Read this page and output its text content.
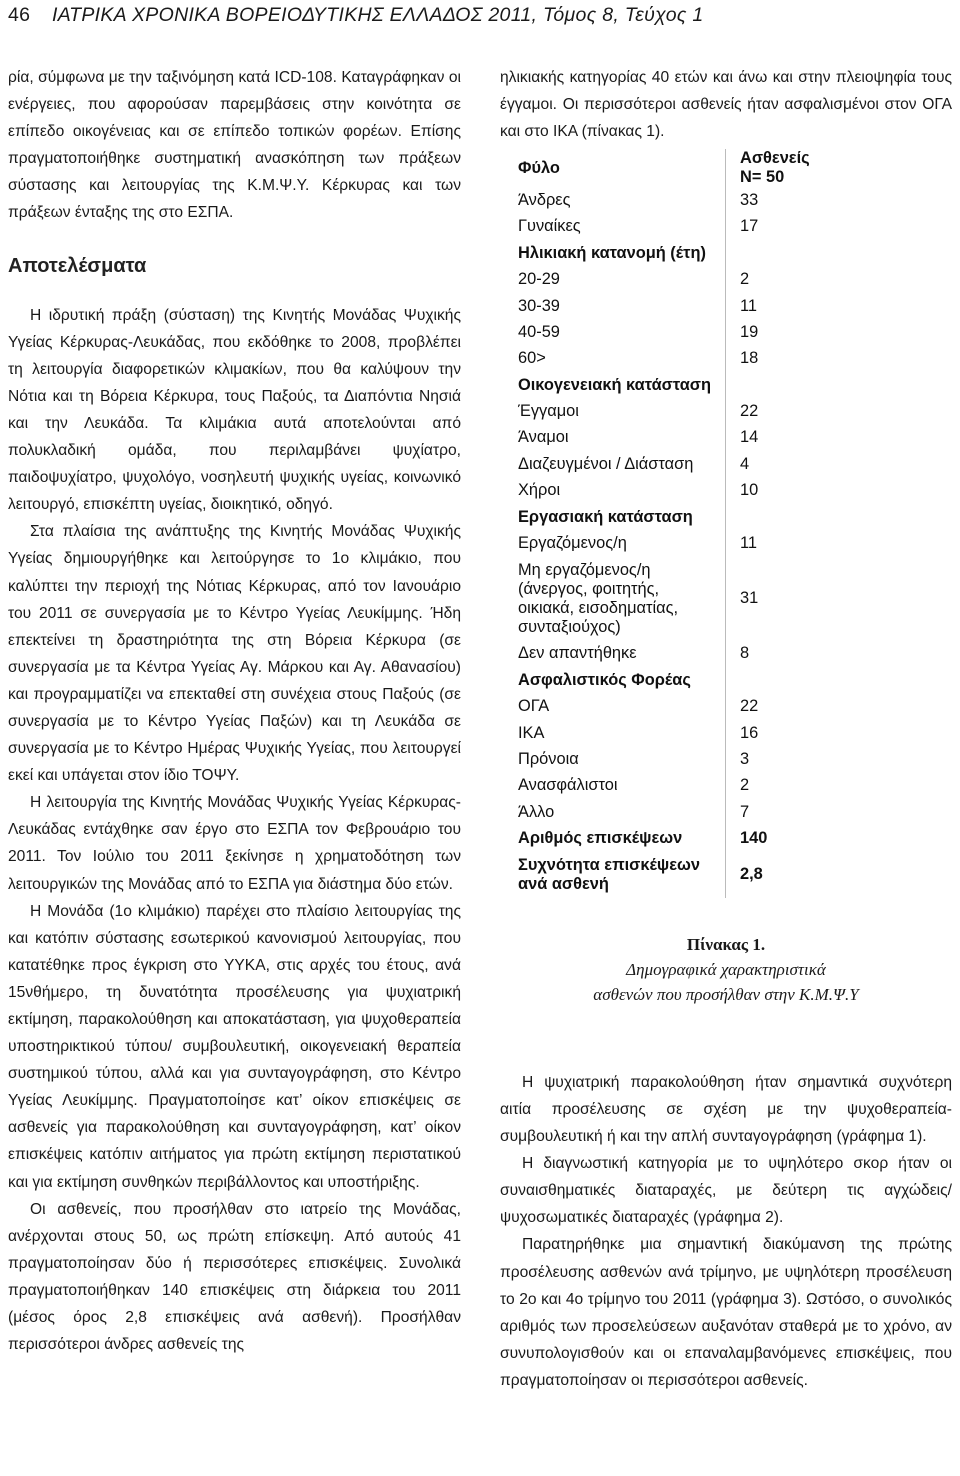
46 ΙΑΤΡΙΚΑ ΧΡΟΝΙΚΑ ΒΟΡΕΙΟΔΥΤΙΚΗΣ ΕΛΛΑΔΟΣ 2011, Τόμος 8, Τεύχος 1

ρία, σύμφωνα με την ταξινόμηση κατά ICD-108. Καταγράφηκαν οι ενέργειες, που αφορούσαν παρεμβάσεις στην κοινότητα σε επίπεδο οικογένειας και σε επίπεδο τοπικών φορέων. Επίσης πραγματοποιήθηκε συστηματική ανασκόπηση των πράξεων σύστασης και λειτουργίας της Κ.Μ.Ψ.Υ. Κέρκυρας και των πράξεων ένταξης της στο ΕΣΠΑ.

Αποτελέσματα

Η ιδρυτική πράξη (σύσταση) της Κινητής Μονάδας Ψυχικής Υγείας Κέρκυρας-Λευκάδας, που εκδόθηκε το 2008, προβλέπει τη λειτουργία διαφορετικών κλιμακίων, που θα καλύψουν την Νότια και τη Βόρεια Κέρκυρα, τους Παξούς, τα Διαπόντια Νησιά και την Λευκάδα. Τα κλιμάκια αυτά αποτελούνται από πολυκλαδική ομάδα, που περιλαμβάνει ψυχίατρο, παιδοψυχίατρο, ψυχολόγο, νοσηλευτή ψυχικής υγείας, κοινωνικό λειτουργό, επισκέπτη υγείας, διοικητικό, οδηγό.

Στα πλαίσια της ανάπτυξης της Κινητής Μονάδας Ψυχικής Υγείας δημιουργήθηκε και λειτούργησε το 1ο κλιμάκιο, που καλύπτει την περιοχή της Νότιας Κέρκυρας, από τον Ιανουάριο του 2011 σε συνεργασία με το Κέντρο Υγείας Λευκίμμης. Ήδη επεκτείνει τη δραστηριότητα της στη Βόρεια Κέρκυρα (σε συνεργασία με τα Κέντρα Υγείας Αγ. Μάρκου και Αγ. Αθανασίου) και προγραμματίζει να επεκταθεί στη συνέχεια στους Παξούς (σε συνεργασία με το Κέντρο Υγείας Παξών) και τη Λευκάδα σε συνεργασία με το Κέντρο Ημέρας Ψυχικής Υγείας, που λειτουργεί εκεί και υπάγεται στον ίδιο ΤΟΨΥ.

Η λειτουργία της Κινητής Μονάδας Ψυχικής Υγείας Κέρκυρας-Λευκάδας εντάχθηκε σαν έργο στο ΕΣΠΑ τον Φεβρουάριο του 2011. Τον Ιούλιο του 2011 ξεκίνησε η χρηματοδότηση των λειτουργικών της Μονάδας από το ΕΣΠΑ για διάστημα δύο ετών.

Η Μονάδα (1ο κλιμάκιο) παρέχει στο πλαίσιο λειτουργίας της και κατόπιν σύστασης εσωτερικού κανονισμού λειτουργίας, που κατατέθηκε προς έγκριση στο ΥΥΚΑ, στις αρχές του έτους, ανά 15νθήμερο, τη δυνατότητα προσέλευσης για ψυχιατρική εκτίμηση, παρακολούθηση και αποκατάσταση, για ψυχοθεραπεία υποστηρικτικού τύπου/ συμβουλευτική, οικογενειακή θεραπεία συστημικού τύπου, αλλά και για συνταγογράφηση, στο Κέντρο Υγείας Λευκίμμης. Πραγματοποίησε κατ’ οίκον επισκέψεις σε ασθενείς για παρακολούθηση και συνταγογράφηση, κατ’ οίκον επισκέψεις κατόπιν αιτήματος για πρώτη εκτίμηση περιστατικού και για εκτίμηση συνθηκών περιβάλλοντος και υποστήριξης.

Οι ασθενείς, που προσήλθαν στο ιατρείο της Μονάδας, ανέρχονται στους 50, ως πρώτη επίσκεψη. Από αυτούς 41 πραγματοποίησαν δύο ή περισσότερες επισκέψεις. Συνολικά πραγματοποιήθηκαν 140 επισκέψεις στη διάρκεια του 2011 (μέσος όρος 2,8 επισκέψεις ανά ασθενή). Προσήλθαν περισσότεροι άνδρες ασθενείς της

ηλικιακής κατηγορίας 40 ετών και άνω και στην πλειοψηφία τους έγγαμοι. Οι περισσότεροι ασθενείς ήταν ασφαλισμένοι στον ΟΓΑ και στο ΙΚΑ (πίνακας 1).

Φύλο	Ασθενείς
Ν= 50
Άνδρες	33
Γυναίκες	17
Ηλικιακή κατανομή (έτη)	
20-29	2
30-39	11
40-59	19
60>	18
Οικογενειακή κατάσταση	
Έγγαμοι	22
Άναμοι	14
Διαζευγμένοι / Διάσταση	4
Χήροι	10
Εργασιακή κατάσταση	
Εργαζόμενος/η	11
Μη εργαζόμενος/η (άνεργος, φοιτητής, οικιακά, εισοδηματίας, συνταξιούχος)	31
Δεν απαντήθηκε	8
Ασφαλιστικός Φορέας	
ΟΓΑ	22
ΙΚΑ	16
Πρόνοια	3
Ανασφάλιστοι	2
Άλλο	7
Αριθμός επισκέψεων	140
Συχνότητα επισκέψεων ανά ασθενή	2,8
Πίνακας 1.
Δημογραφικά χαρακτηριστικά
ασθενών που προσήλθαν στην Κ.Μ.Ψ.Υ

Η ψυχιατρική παρακολούθηση ήταν σημαντικά συχνότερη αιτία προσέλευσης σε σχέση με την ψυχοθεραπεία-συμβουλευτική ή και την απλή συνταγογράφηση (γράφημα 1).

Η διαγνωστική κατηγορία με το υψηλότερο σκορ ήταν οι συναισθηματικές διαταραχές, με δεύτερη τις αγχώδεις/ψυχοσωματικές διαταραχές (γράφημα 2).

Παρατηρήθηκε μια σημαντική διακύμανση της πρώτης προσέλευσης ασθενών ανά τρίμηνο, με υψηλότερη προσέλευση το 2ο και 4ο τρίμηνο του 2011 (γράφημα 3). Ωστόσο, ο συνολικός αριθμός των προσελεύσεων αυξανόταν σταθερά με το χρόνο, αν συνυπολογισθούν και οι επαναλαμβανόμενες επισκέψεις, που πραγματοποίησαν οι περισσότεροι ασθενείς.
